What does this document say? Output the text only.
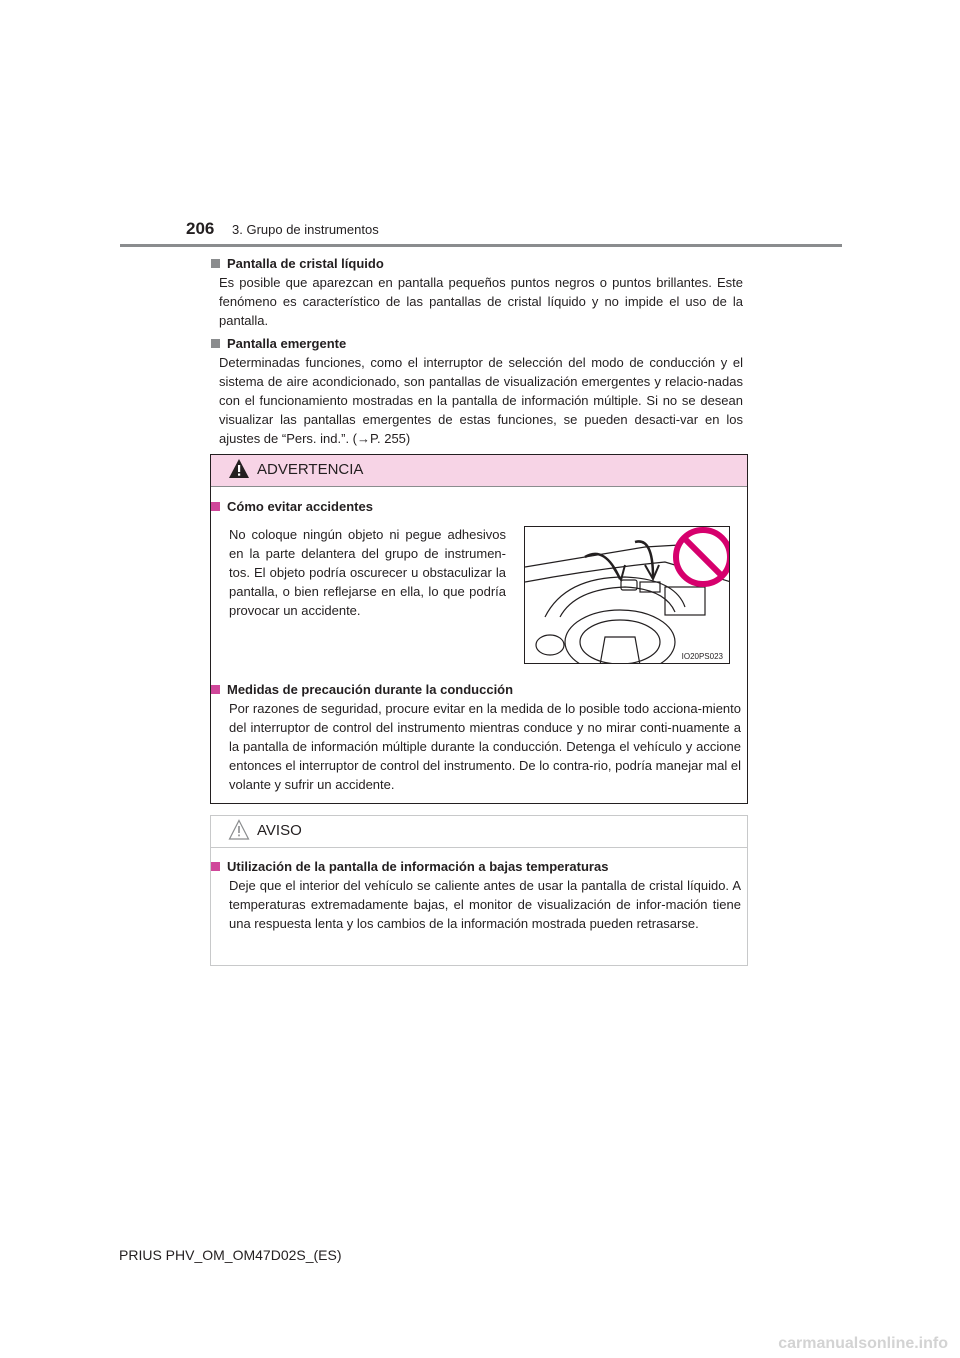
206 3. Grupo de instrumentos
Pantalla de cristal líquido
Es posible que aparezcan en pantalla pequeños puntos negros o puntos brillantes. Este fenómeno es característico de las pantallas de cristal líquido y no impide el uso de la pantalla.
Pantalla emergente
Determinadas funciones, como el interruptor de selección del modo de conducción y el sistema de aire acondicionado, son pantallas de visualización emergentes y relacio-nadas con el funcionamiento mostradas en la pantalla de información múltiple. Si no se desean visualizar las pantallas emergentes de estas funciones, se pueden desacti-var en los ajustes de “Pers. ind.”. (→P. 255)
ADVERTENCIA
Cómo evitar accidentes
No coloque ningún objeto ni pegue adhesivos en la parte delantera del grupo de instrumen-tos. El objeto podría oscurecer u obstaculizar la pantalla, o bien reflejarse en ella, lo que podría provocar un accidente.
IO20PS023
Medidas de precaución durante la conducción
Por razones de seguridad, procure evitar en la medida de lo posible todo acciona-miento del interruptor de control del instrumento mientras conduce y no mirar conti-nuamente a la pantalla de información múltiple durante la conducción. Detenga el vehículo y accione entonces el interruptor de control del instrumento. De lo contra-rio, podría manejar mal el volante y sufrir un accidente.
AVISO
Utilización de la pantalla de información a bajas temperaturas
Deje que el interior del vehículo se caliente antes de usar la pantalla de cristal líquido. A temperaturas extremadamente bajas, el monitor de visualización de infor-mación tiene una respuesta lenta y los cambios de la información mostrada pueden retrasarse.
PRIUS PHV_OM_OM47D02S_(ES)
carmanualsonline.info
